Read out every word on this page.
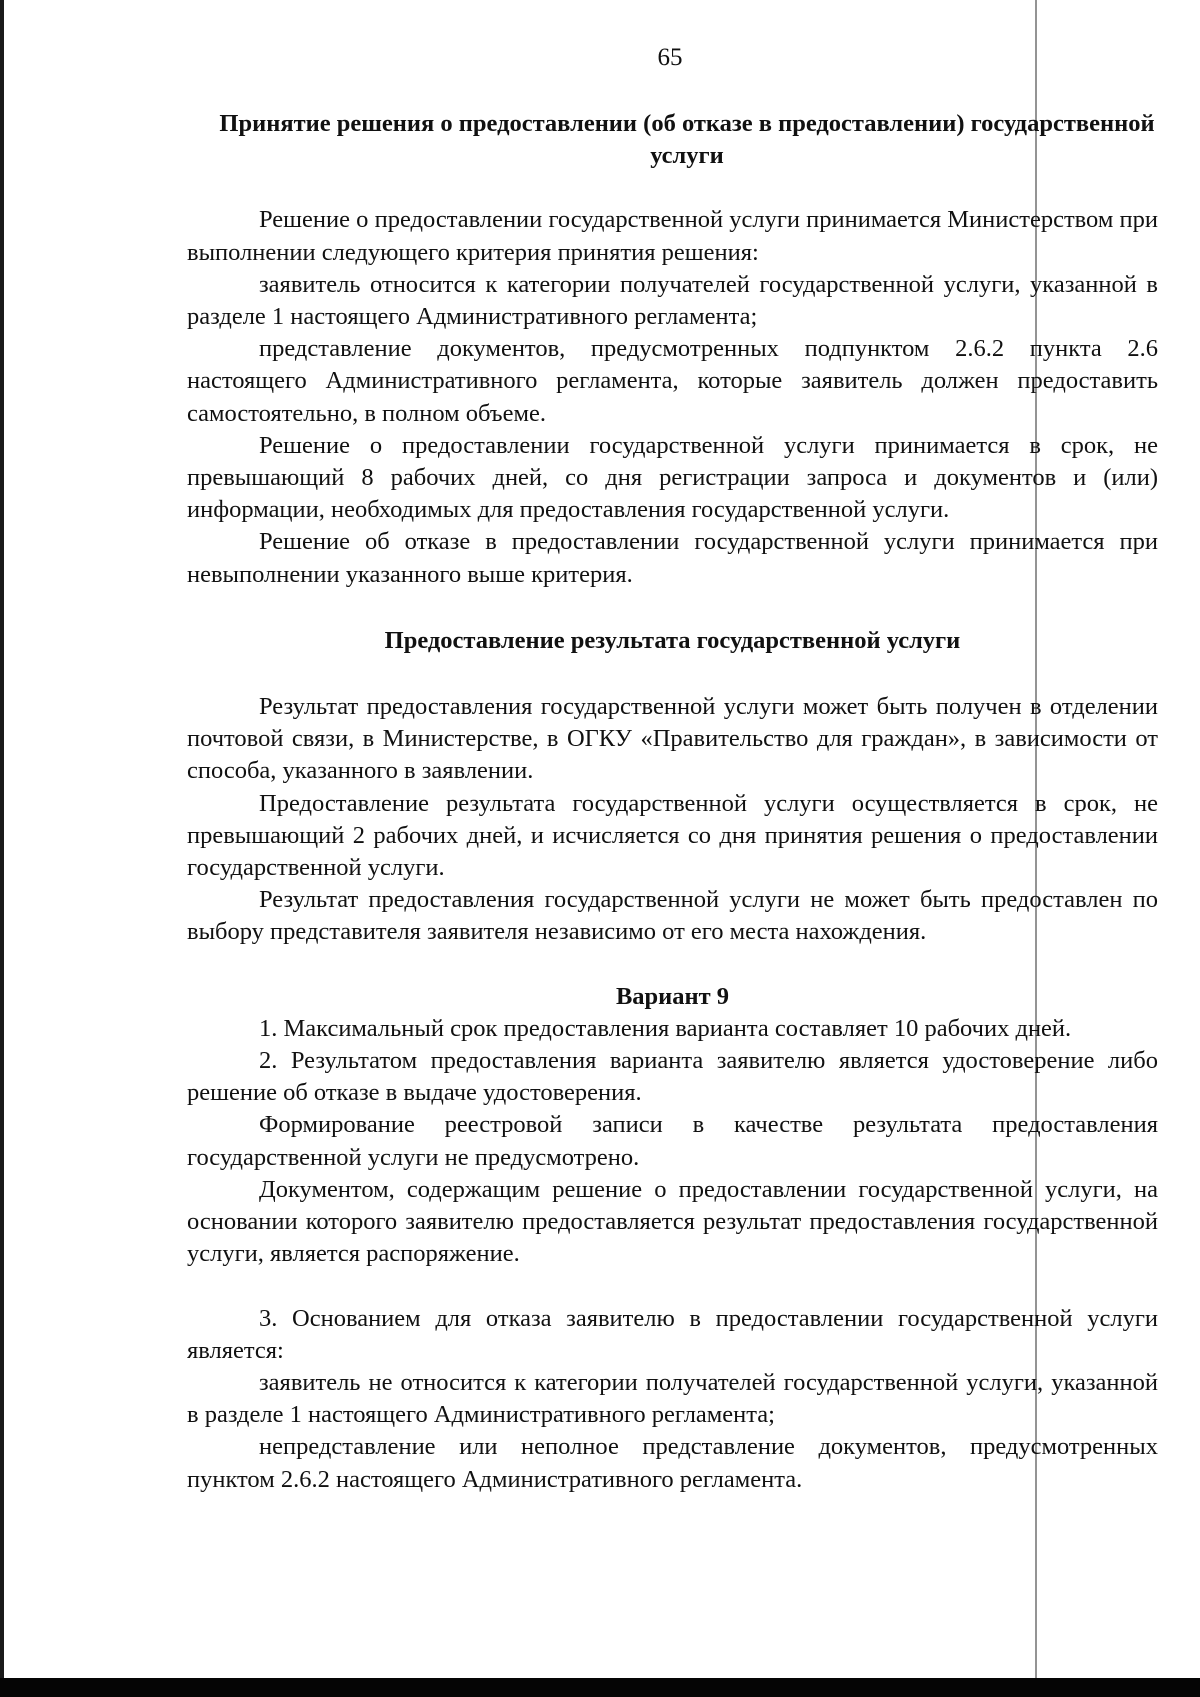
65
Принятие решения о предоставлении (об отказе в предоставлении) государственной услуги

Решение о предоставлении государственной услуги принимается Министерством при выполнении следующего критерия принятия решения:

заявитель относится к категории получателей государственной услуги, указанной в разделе 1 настоящего Административного регламента;

представление документов, предусмотренных подпунктом 2.6.2 пункта 2.6 настоящего Административного регламента, которые заявитель должен предоставить самостоятельно, в полном объеме.

Решение о предоставлении государственной услуги принимается в срок, не превышающий 8 рабочих дней, со дня регистрации запроса и документов и (или) информации, необходимых для предоставления государственной услуги.

Решение об отказе в предоставлении государственной услуги принимается при невыполнении указанного выше критерия.

Предоставление результата государственной услуги

Результат предоставления государственной услуги может быть получен в отделении почтовой связи, в Министерстве, в ОГКУ «Правительство для граждан», в зависимости от способа, указанного в заявлении.

Предоставление результата государственной услуги осуществляется в срок, не превышающий 2 рабочих дней, и исчисляется со дня принятия решения о предоставлении государственной услуги.

Результат предоставления государственной услуги не может быть предоставлен по выбору представителя заявителя независимо от его места нахождения.

Вариант 9

1. Максимальный срок предоставления варианта составляет 10 рабочих дней.

2. Результатом предоставления варианта заявителю является удостоверение либо решение об отказе в выдаче удостоверения.

Формирование реестровой записи в качестве результата предоставления государственной услуги не предусмотрено.

Документом, содержащим решение о предоставлении государственной услуги, на основании которого заявителю предоставляется результат предоставления государственной услуги, является распоряжение.

3. Основанием для отказа заявителю в предоставлении государственной услуги является:

заявитель не относится к категории получателей государственной услуги, указанной в разделе 1 настоящего Административного регламента;

непредставление или неполное представление документов, предусмотренных пунктом 2.6.2 настоящего Административного регламента.
